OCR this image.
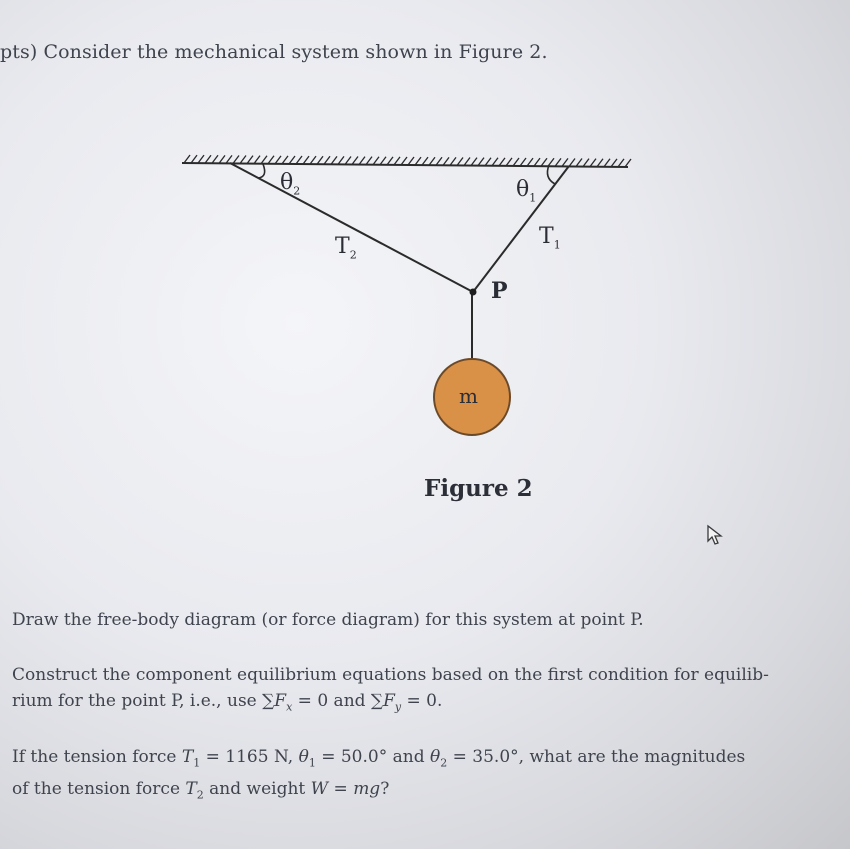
pts) Consider the mechanical system shown in Figure 2.
$\theta_2$	$\theta_1$
$T_2$
$T_1$
P
m
Figure 2
Draw the free-body diagram (or force diagram) for this system at point P.
Construct the component equilibrium equations based on the first condition for equilib-
rium for the point P, i.e., use $\sum F_x = 0$ and $\sum F_y = 0$.
If the tension force $T_1 = 1165$ N, $\theta_1 = 50.0^\circ$ and $\theta_2 = 35.0^\circ$, what are the magnitudes
of the tension force $T_2$ and weight W = mg?
